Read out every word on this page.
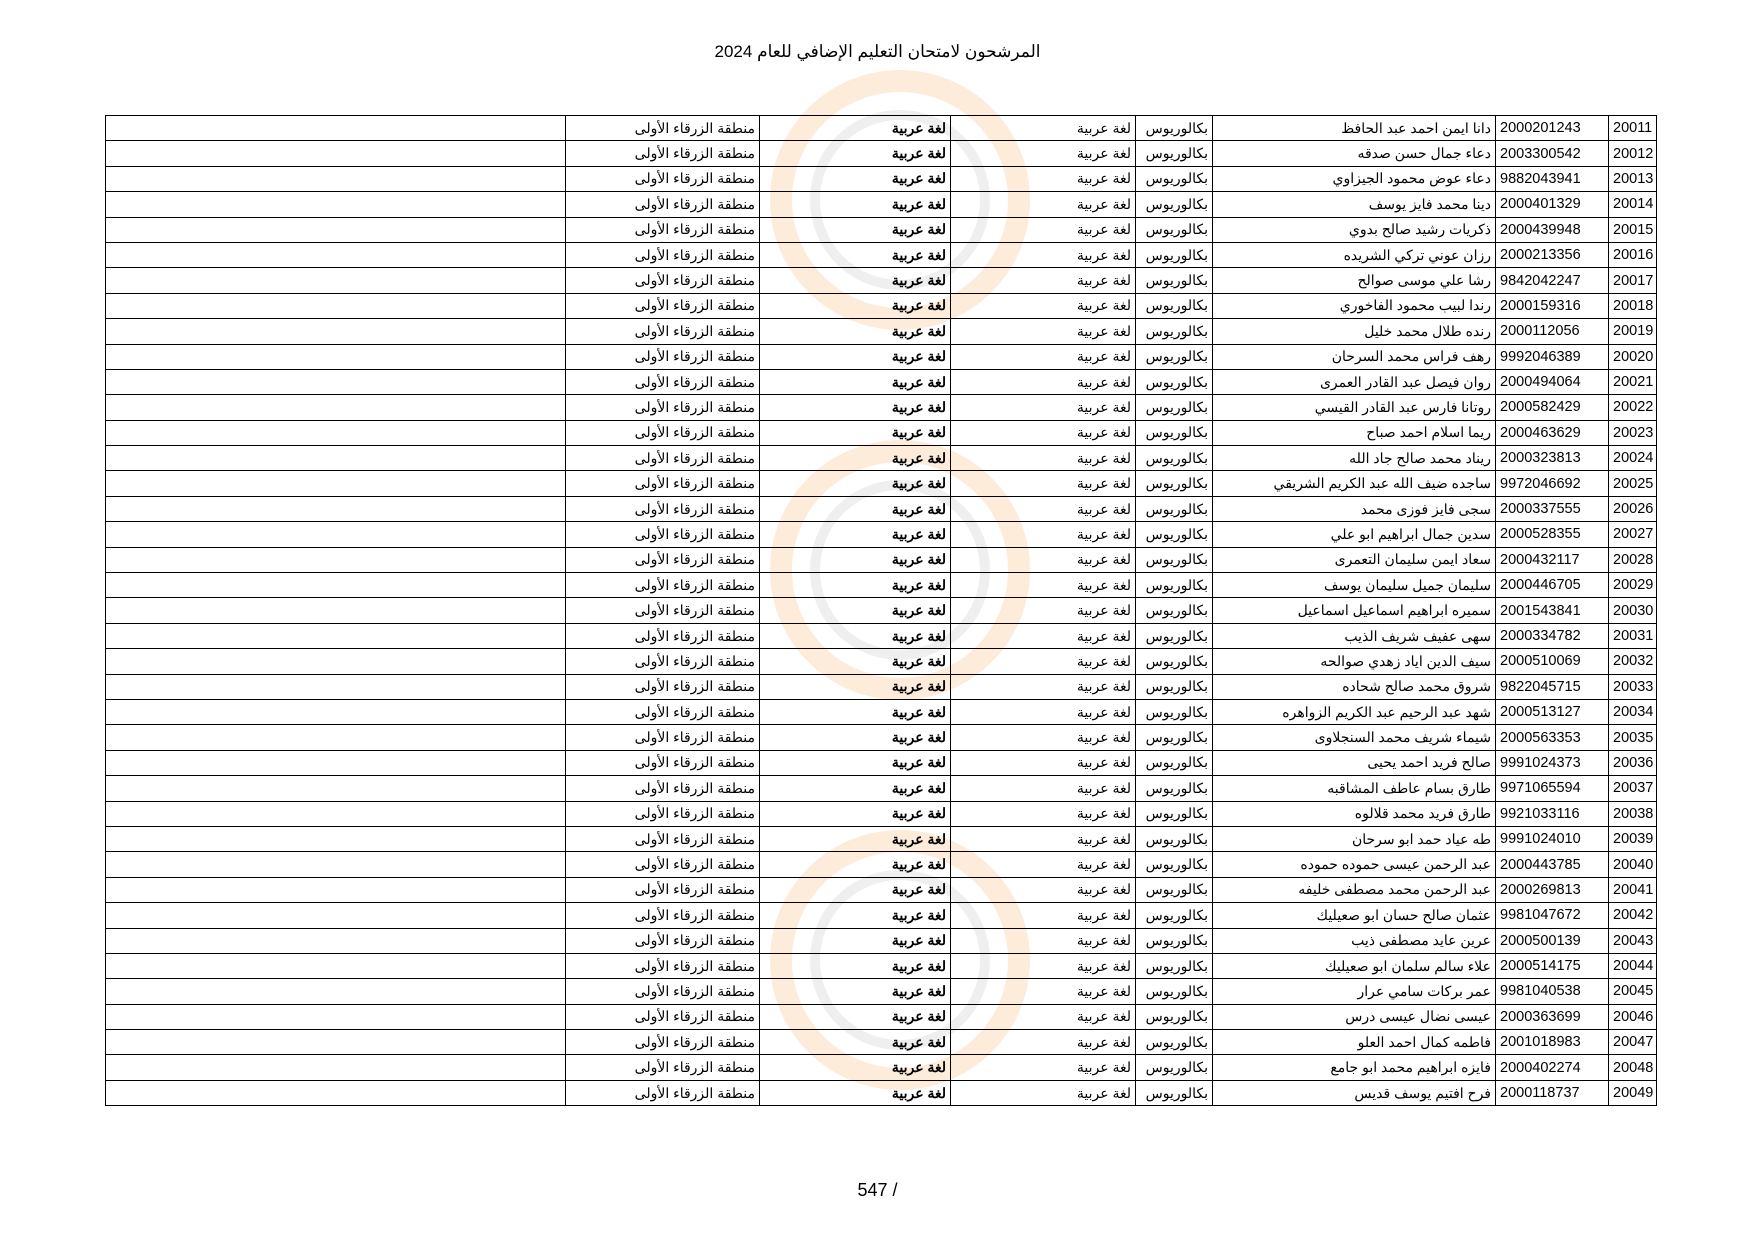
المرشحون لامتحان التعليم الإضافي للعام 2024
20011	2000201243	دانا ايمن احمد عبد الحافظ	بكالوريوس	لغة عربية	لغة عربية	منطقة الزرقاء الأولى		
20012	2003300542	دعاء جمال حسن صدقه	بكالوريوس	لغة عربية	لغة عربية	منطقة الزرقاء الأولى		
20013	9882043941	دعاء عوض محمود الجيزاوي	بكالوريوس	لغة عربية	لغة عربية	منطقة الزرقاء الأولى		
20014	2000401329	دينا محمد فايز يوسف	بكالوريوس	لغة عربية	لغة عربية	منطقة الزرقاء الأولى		
20015	2000439948	ذكريات رشيد صالح بدوي	بكالوريوس	لغة عربية	لغة عربية	منطقة الزرقاء الأولى		
20016	2000213356	رزان عوني تركي الشريده	بكالوريوس	لغة عربية	لغة عربية	منطقة الزرقاء الأولى		
20017	9842042247	رشا علي موسى صوالح	بكالوريوس	لغة عربية	لغة عربية	منطقة الزرقاء الأولى		
20018	2000159316	رندا لبيب محمود الفاخوري	بكالوريوس	لغة عربية	لغة عربية	منطقة الزرقاء الأولى		
20019	2000112056	رنده طلال محمد خليل	بكالوريوس	لغة عربية	لغة عربية	منطقة الزرقاء الأولى		
20020	9992046389	رهف فراس محمد السرحان	بكالوريوس	لغة عربية	لغة عربية	منطقة الزرقاء الأولى		
20021	2000494064	روان فيصل عبد القادر العمرى	بكالوريوس	لغة عربية	لغة عربية	منطقة الزرقاء الأولى		
20022	2000582429	روتانا فارس عبد القادر القيسي	بكالوريوس	لغة عربية	لغة عربية	منطقة الزرقاء الأولى		
20023	2000463629	ريما اسلام احمد صباح	بكالوريوس	لغة عربية	لغة عربية	منطقة الزرقاء الأولى		
20024	2000323813	ريناد محمد صالح جاد الله	بكالوريوس	لغة عربية	لغة عربية	منطقة الزرقاء الأولى		
20025	9972046692	ساجده ضيف الله عبد الكريم الشريقي	بكالوريوس	لغة عربية	لغة عربية	منطقة الزرقاء الأولى		
20026	2000337555	سجى فايز فوزى محمد	بكالوريوس	لغة عربية	لغة عربية	منطقة الزرقاء الأولى		
20027	2000528355	سدين جمال ابراهيم ابو علي	بكالوريوس	لغة عربية	لغة عربية	منطقة الزرقاء الأولى		
20028	2000432117	سعاد ايمن سليمان التعمرى	بكالوريوس	لغة عربية	لغة عربية	منطقة الزرقاء الأولى		
20029	2000446705	سليمان جميل سليمان يوسف	بكالوريوس	لغة عربية	لغة عربية	منطقة الزرقاء الأولى		
20030	2001543841	سميره ابراهيم اسماعيل اسماعيل	بكالوريوس	لغة عربية	لغة عربية	منطقة الزرقاء الأولى		
20031	2000334782	سهى عفيف شريف الذيب	بكالوريوس	لغة عربية	لغة عربية	منطقة الزرقاء الأولى		
20032	2000510069	سيف الدين اياد زهدي صوالحه	بكالوريوس	لغة عربية	لغة عربية	منطقة الزرقاء الأولى		
20033	9822045715	شروق محمد صالح شحاده	بكالوريوس	لغة عربية	لغة عربية	منطقة الزرقاء الأولى		
20034	2000513127	شهد عبد الرحيم عبد الكريم الزواهره	بكالوريوس	لغة عربية	لغة عربية	منطقة الزرقاء الأولى		
20035	2000563353	شيماء شريف محمد السنجلاوى	بكالوريوس	لغة عربية	لغة عربية	منطقة الزرقاء الأولى		
20036	9991024373	صالح فريد احمد يحيى	بكالوريوس	لغة عربية	لغة عربية	منطقة الزرقاء الأولى		
20037	9971065594	طارق بسام عاطف المشاقبه	بكالوريوس	لغة عربية	لغة عربية	منطقة الزرقاء الأولى		
20038	9921033116	طارق فريد محمد قلالوه	بكالوريوس	لغة عربية	لغة عربية	منطقة الزرقاء الأولى		
20039	9991024010	طه عياد حمد ابو سرحان	بكالوريوس	لغة عربية	لغة عربية	منطقة الزرقاء الأولى		
20040	2000443785	عبد الرحمن عيسى حموده حموده	بكالوريوس	لغة عربية	لغة عربية	منطقة الزرقاء الأولى		
20041	2000269813	عبد الرحمن محمد مصطفى خليفه	بكالوريوس	لغة عربية	لغة عربية	منطقة الزرقاء الأولى		
20042	9981047672	عثمان صالح حسان ابو صعيليك	بكالوريوس	لغة عربية	لغة عربية	منطقة الزرقاء الأولى		
20043	2000500139	عرين عايد مصطفى ذيب	بكالوريوس	لغة عربية	لغة عربية	منطقة الزرقاء الأولى		
20044	2000514175	علاء سالم سلمان ابو صعيليك	بكالوريوس	لغة عربية	لغة عربية	منطقة الزرقاء الأولى		
20045	9981040538	عمر بركات سامي عرار	بكالوريوس	لغة عربية	لغة عربية	منطقة الزرقاء الأولى		
20046	2000363699	عيسى نضال عيسى درس	بكالوريوس	لغة عربية	لغة عربية	منطقة الزرقاء الأولى		
20047	2001018983	فاطمه كمال احمد العلو	بكالوريوس	لغة عربية	لغة عربية	منطقة الزرقاء الأولى		
20048	2000402274	فايزه ابراهيم محمد ابو جامع	بكالوريوس	لغة عربية	لغة عربية	منطقة الزرقاء الأولى		
20049	2000118737	فرح افتيم يوسف قديس	بكالوريوس	لغة عربية	لغة عربية	منطقة الزرقاء الأولى		
547 /
